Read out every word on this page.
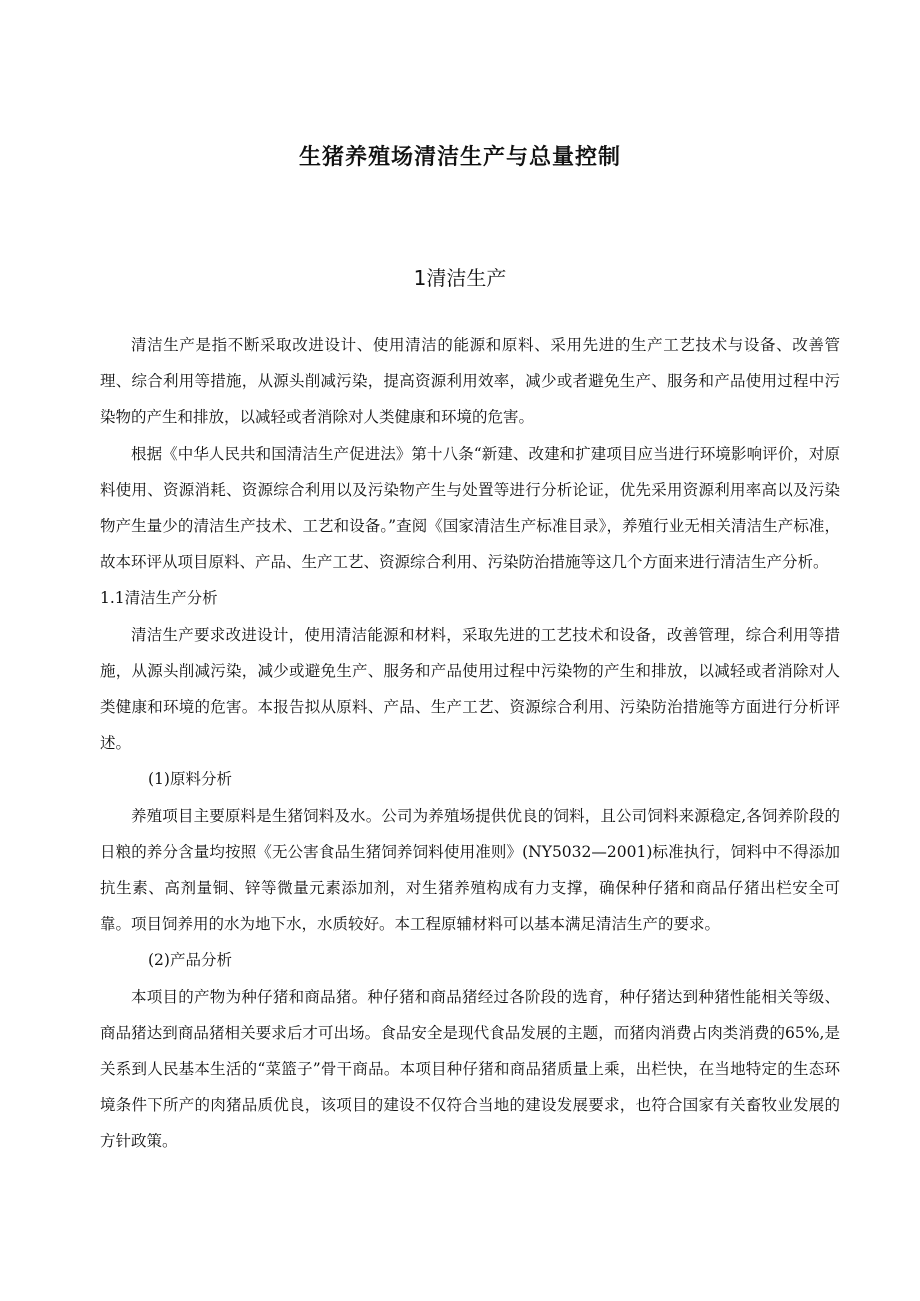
生猪养殖场清洁生产与总量控制
1清洁生产

清洁生产是指不断采取改进设计、使用清洁的能源和原料、采用先进的生产工艺技术与设备、改善管理、综合利用等措施，从源头削减污染，提高资源利用效率，减少或者避免生产、服务和产品使用过程中污染物的产生和排放，以减轻或者消除对人类健康和环境的危害。

根据《中华人民共和国清洁生产促进法》第十八条“新建、改建和扩建项目应当进行环境影响评价，对原料使用、资源消耗、资源综合利用以及污染物产生与处置等进行分析论证，优先采用资源利用率高以及污染物产生量少的清洁生产技术、工艺和设备。”查阅《国家清洁生产标准目录》，养殖行业无相关清洁生产标准，故本环评从项目原料、产品、生产工艺、资源综合利用、污染防治措施等这几个方面来进行清洁生产分析。

1.1清洁生产分析

清洁生产要求改进设计，使用清洁能源和材料，采取先进的工艺技术和设备，改善管理，综合利用等措施，从源头削减污染，减少或避免生产、服务和产品使用过程中污染物的产生和排放，以减轻或者消除对人类健康和环境的危害。本报告拟从原料、产品、生产工艺、资源综合利用、污染防治措施等方面进行分析评述。

(1)原料分析

养殖项目主要原料是生猪饲料及水。公司为养殖场提供优良的饲料，且公司饲料来源稳定,各饲养阶段的日粮的养分含量均按照《无公害食品生猪饲养饲料使用准则》(NY5032—2001)标准执行，饲料中不得添加抗生素、高剂量铜、锌等微量元素添加剂，对生猪养殖构成有力支撑，确保种仔猪和商品仔猪出栏安全可靠。项目饲养用的水为地下水，水质较好。本工程原辅材料可以基本满足清洁生产的要求。

(2)产品分析

本项目的产物为种仔猪和商品猪。种仔猪和商品猪经过各阶段的选育，种仔猪达到种猪性能相关等级、商品猪达到商品猪相关要求后才可出场。食品安全是现代食品发展的主题，而猪肉消费占肉类消费的65%,是关系到人民基本生活的“菜篮子”骨干商品。本项目种仔猪和商品猪质量上乘，出栏快，在当地特定的生态环境条件下所产的肉猪品质优良，该项目的建设不仅符合当地的建设发展要求，也符合国家有关畜牧业发展的方针政策。
